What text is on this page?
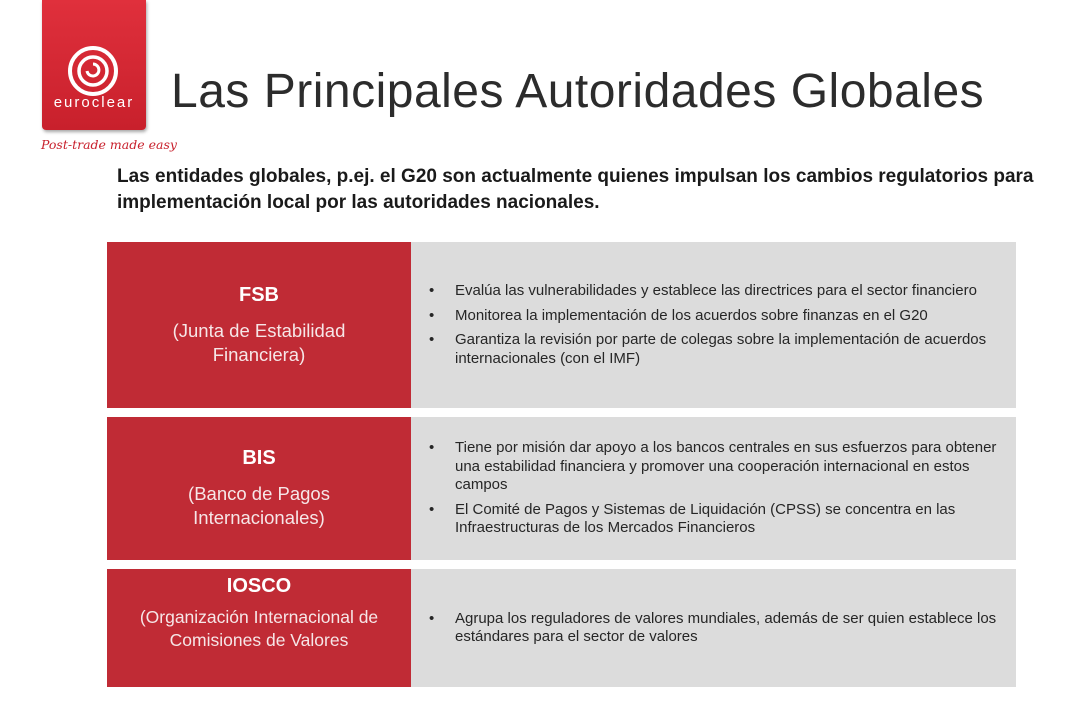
euroclear
Post-trade made easy
Las Principales Autoridades Globales

Las entidades globales, p.ej. el G20 son actualmente quienes impulsan los cambios regulatorios para implementación local por las autoridades nacionales.

FSB
(Junta de Estabilidad Financiera)
• Evalúa las vulnerabilidades y establece las directrices para el sector financiero
• Monitorea la implementación de los acuerdos sobre finanzas en el G20
• Garantiza la revisión por parte de colegas sobre la implementación de acuerdos internacionales (con el IMF)
BIS
(Banco de Pagos Internacionales)
• Tiene por misión dar apoyo a los bancos centrales en sus esfuerzos para obtener una estabilidad financiera y promover una cooperación internacional en estos campos
• El Comité de Pagos y Sistemas de Liquidación (CPSS) se concentra en las Infraestructuras de los Mercados Financieros
IOSCO
(Organización Internacional de Comisiones de Valores
• Agrupa los reguladores de valores mundiales, además de ser quien establece los estándares para el sector de valores
